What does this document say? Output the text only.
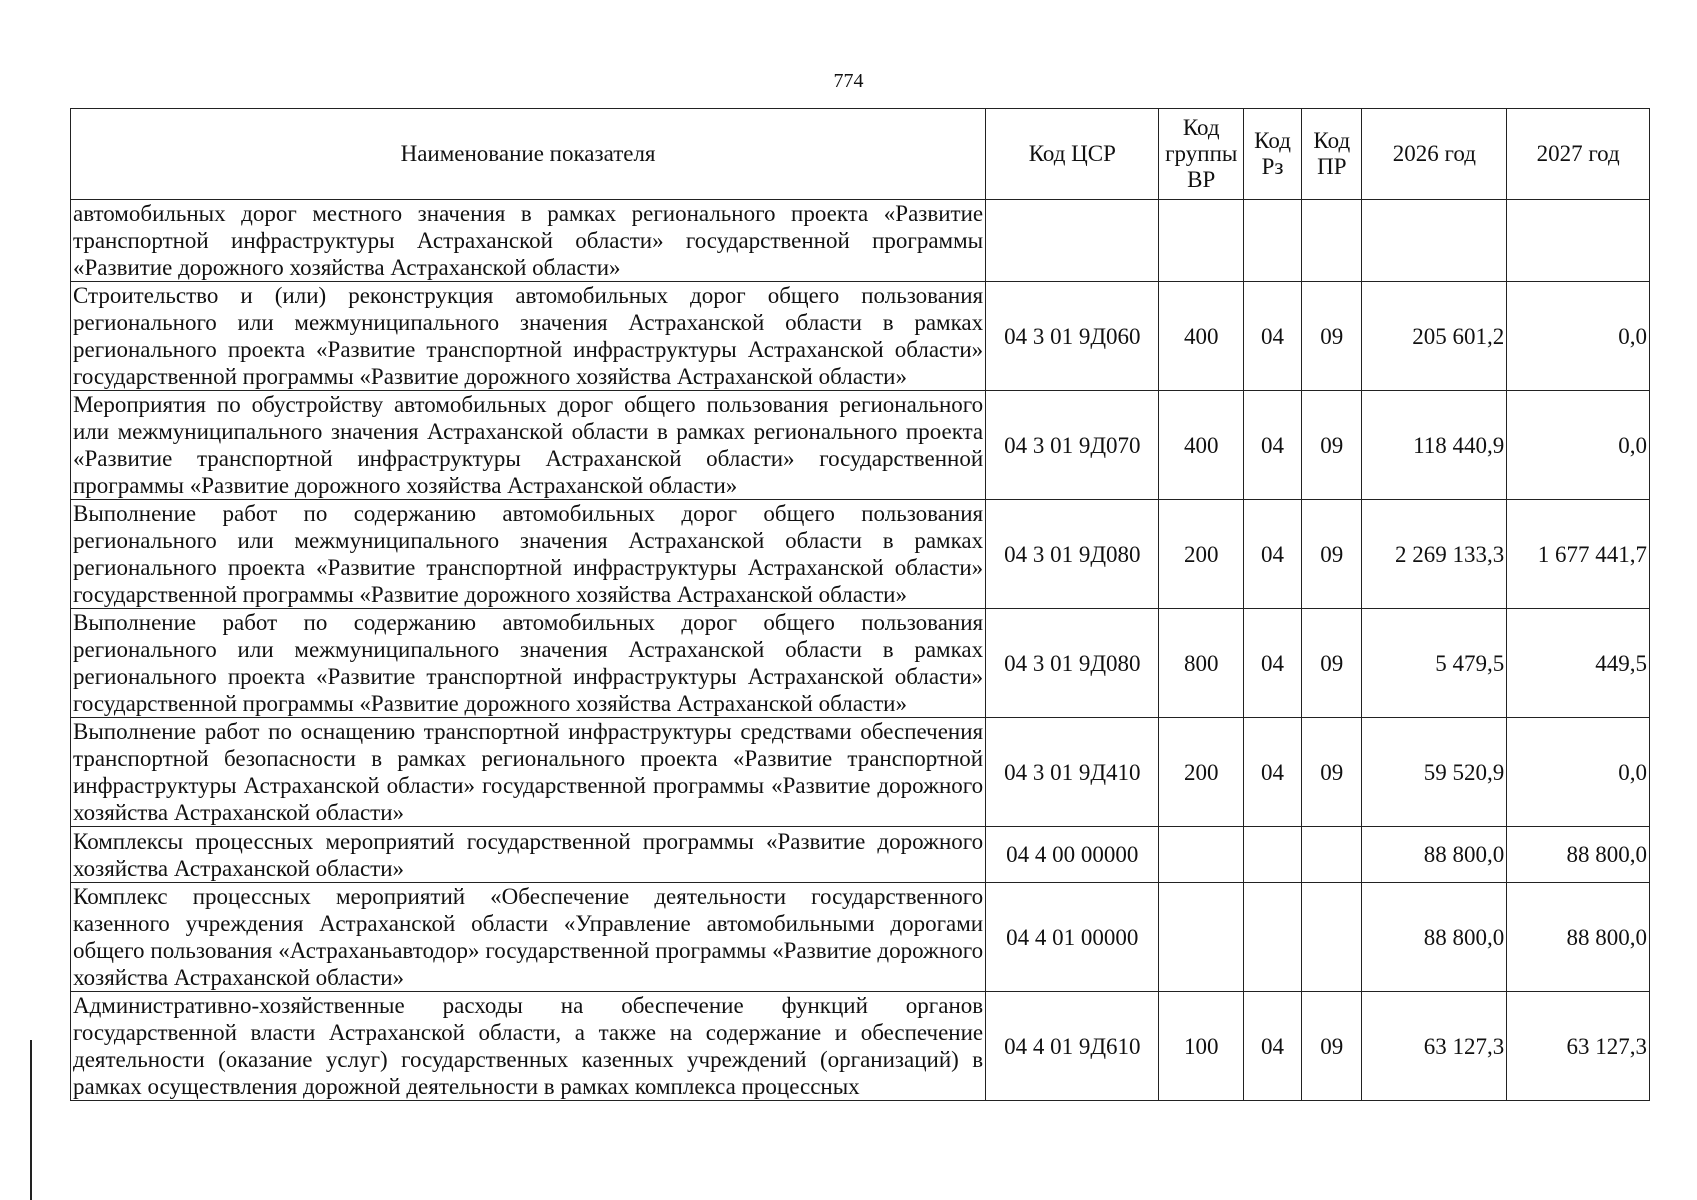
774
Наименование показателя	Код ЦСР	Код группы ВР	Код Рз	Код ПР	2026 год	2027 год
автомобильных дорог местного значения в рамках регионального проекта «Развитие транспортной инфраструктуры Астраханской области» государственной программы «Развитие дорожного хозяйства Астраханской области»						
Строительство и (или) реконструкция автомобильных дорог общего пользования регионального или межмуниципального значения Астраханской области в рамках регионального проекта «Развитие транспортной инфраструктуры Астраханской области» государственной программы «Развитие дорожного хозяйства Астраханской области»	04 3 01 9Д060	400	04	09	205 601,2	0,0
Мероприятия по обустройству автомобильных дорог общего пользования регионального или межмуниципального значения Астраханской области в рамках регионального проекта «Развитие транспортной инфраструктуры Астраханской области» государственной программы «Развитие дорожного хозяйства Астраханской области»	04 3 01 9Д070	400	04	09	118 440,9	0,0
Выполнение работ по содержанию автомобильных дорог общего пользования регионального или межмуниципального значения Астраханской области в рамках регионального проекта «Развитие транспортной инфраструктуры Астраханской области» государственной программы «Развитие дорожного хозяйства Астраханской области»	04 3 01 9Д080	200	04	09	2 269 133,3	1 677 441,7
Выполнение работ по содержанию автомобильных дорог общего пользования регионального или межмуниципального значения Астраханской области в рамках регионального проекта «Развитие транспортной инфраструктуры Астраханской области» государственной программы «Развитие дорожного хозяйства Астраханской области»	04 3 01 9Д080	800	04	09	5 479,5	449,5
Выполнение работ по оснащению транспортной инфраструктуры средствами обеспечения транспортной безопасности в рамках регионального проекта «Развитие транспортной инфраструктуры Астраханской области» государственной программы «Развитие дорожного хозяйства Астраханской области»	04 3 01 9Д410	200	04	09	59 520,9	0,0
Комплексы процессных мероприятий государственной программы «Развитие дорожного хозяйства Астраханской области»	04 4 00 00000				88 800,0	88 800,0
Комплекс процессных мероприятий «Обеспечение деятельности государственного казенного учреждения Астраханской области «Управление автомобильными дорогами общего пользования «Астраханьавтодор» государственной программы «Развитие дорожного хозяйства Астраханской области»	04 4 01 00000				88 800,0	88 800,0
Административно-хозяйственные расходы на обеспечение функций органов государственной власти Астраханской области, а также на содержание и обеспечение деятельности (оказание услуг) государственных казенных учреждений (организаций) в рамках осуществления дорожной деятельности в рамках комплекса процессных	04 4 01 9Д610	100	04	09	63 127,3	63 127,3
